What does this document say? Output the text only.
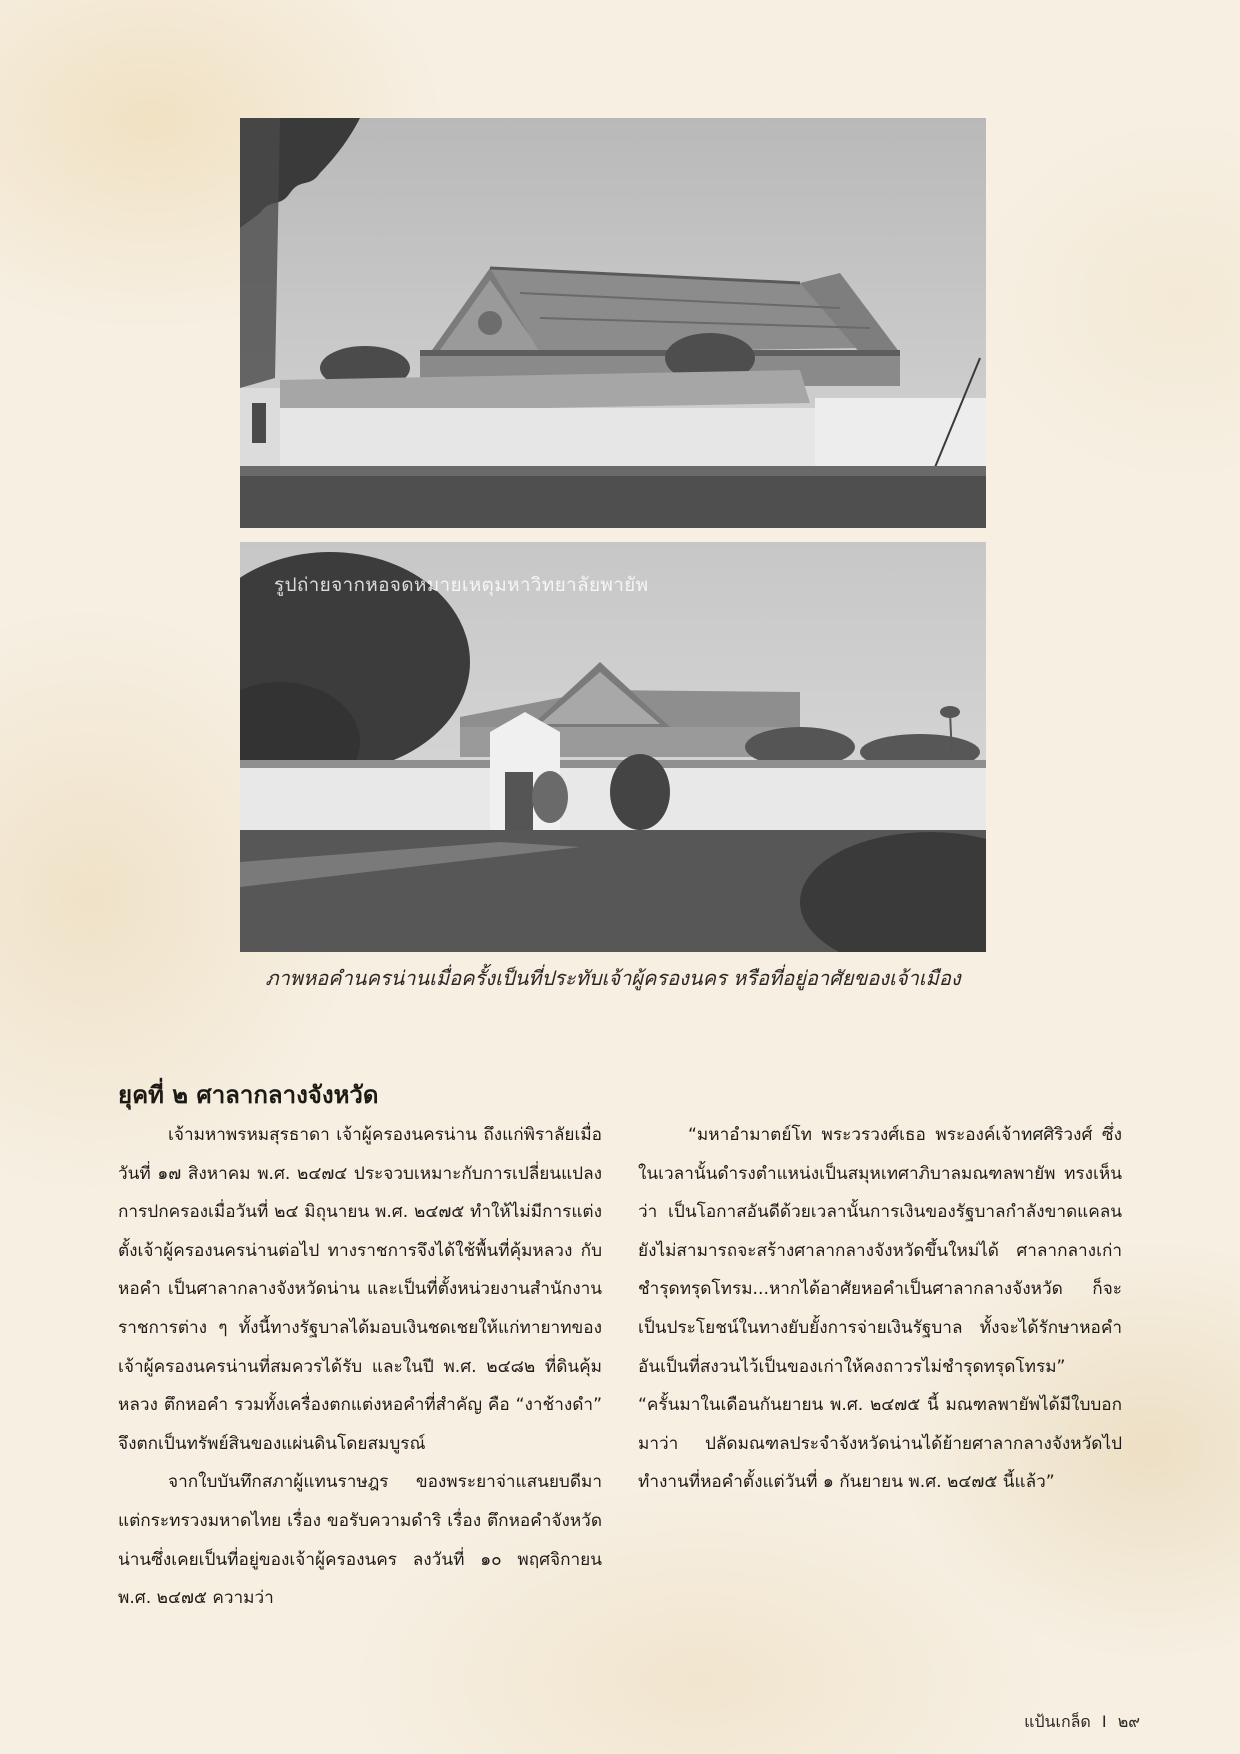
รูปถ่ายจากหอจดหมายเหตุมหาวิทยาลัยพายัพ
ภาพหอคำนครน่านเมื่อครั้งเป็นที่ประทับเจ้าผู้ครองนคร หรือที่อยู่อาศัยของเจ้าเมือง
ยุคที่ ๒ ศาลากลางจังหวัด

เจ้ามหาพรหมสุรธาดา เจ้าผู้ครองนครน่าน ถึงแก่พิราลัยเมื่อวันที่ ๑๗ สิงหาคม พ.ศ. ๒๔๗๔ ประจวบเหมาะกับการเปลี่ยนแปลงการปกครองเมื่อวันที่ ๒๔ มิถุนายน พ.ศ. ๒๔๗๕ ทำให้ไม่มีการแต่งตั้งเจ้าผู้ครองนครน่านต่อไป ทางราชการจึงได้ใช้พื้นที่คุ้มหลวง กับหอคำ เป็นศาลากลางจังหวัดน่าน และเป็นที่ตั้งหน่วยงานสำนักงานราชการต่าง ๆ ทั้งนี้ทางรัฐบาลได้มอบเงินชดเชยให้แก่ทายาทของเจ้าผู้ครองนครน่านที่สมควรได้รับ และในปี พ.ศ. ๒๔๘๒ ที่ดินคุ้มหลวง ตึกหอคำ รวมทั้งเครื่องตกแต่งหอคำที่สำคัญ คือ “งาช้างดำ” จึงตกเป็นทรัพย์สินของแผ่นดินโดยสมบูรณ์

จากใบบันทึกสภาผู้แทนราษฎร ของพระยาจ่าแสนยบดีมาแต่กระทรวงมหาดไทย เรื่อง ขอรับความดำริ เรื่อง ตึกหอคำจังหวัดน่านซึ่งเคยเป็นที่อยู่ของเจ้าผู้ครองนคร ลงวันที่ ๑๐ พฤศจิกายน พ.ศ. ๒๔๗๕ ความว่า

“มหาอำมาตย์โท พระวรวงศ์เธอ พระองค์เจ้าทศศิริวงศ์ ซึ่งในเวลานั้นดำรงตำแหน่งเป็นสมุหเทศาภิบาลมณฑลพายัพ ทรงเห็นว่า เป็นโอกาสอันดีด้วยเวลานั้นการเงินของรัฐบาลกำลังขาดแคลน ยังไม่สามารถจะสร้างศาลากลางจังหวัดขึ้นใหม่ได้ ศาลากลางเก่าชำรุดทรุดโทรม...หากได้อาศัยหอคำเป็นศาลากลางจังหวัด ก็จะเป็นประโยชน์ในทางยับยั้งการจ่ายเงินรัฐบาล ทั้งจะได้รักษาหอคำอันเป็นที่สงวนไว้เป็นของเก่าให้คงถาวรไม่ชำรุดทรุดโทรม”

“ครั้นมาในเดือนกันยายน พ.ศ. ๒๔๗๕ นี้ มณฑลพายัพได้มีใบบอกมาว่า ปลัดมณฑลประจำจังหวัดน่านได้ย้ายศาลากลางจังหวัดไปทำงานที่หอคำตั้งแต่วันที่ ๑ กันยายน พ.ศ. ๒๔๗๕ นี้แล้ว”

แป้นเกล็ด I ๒๙
